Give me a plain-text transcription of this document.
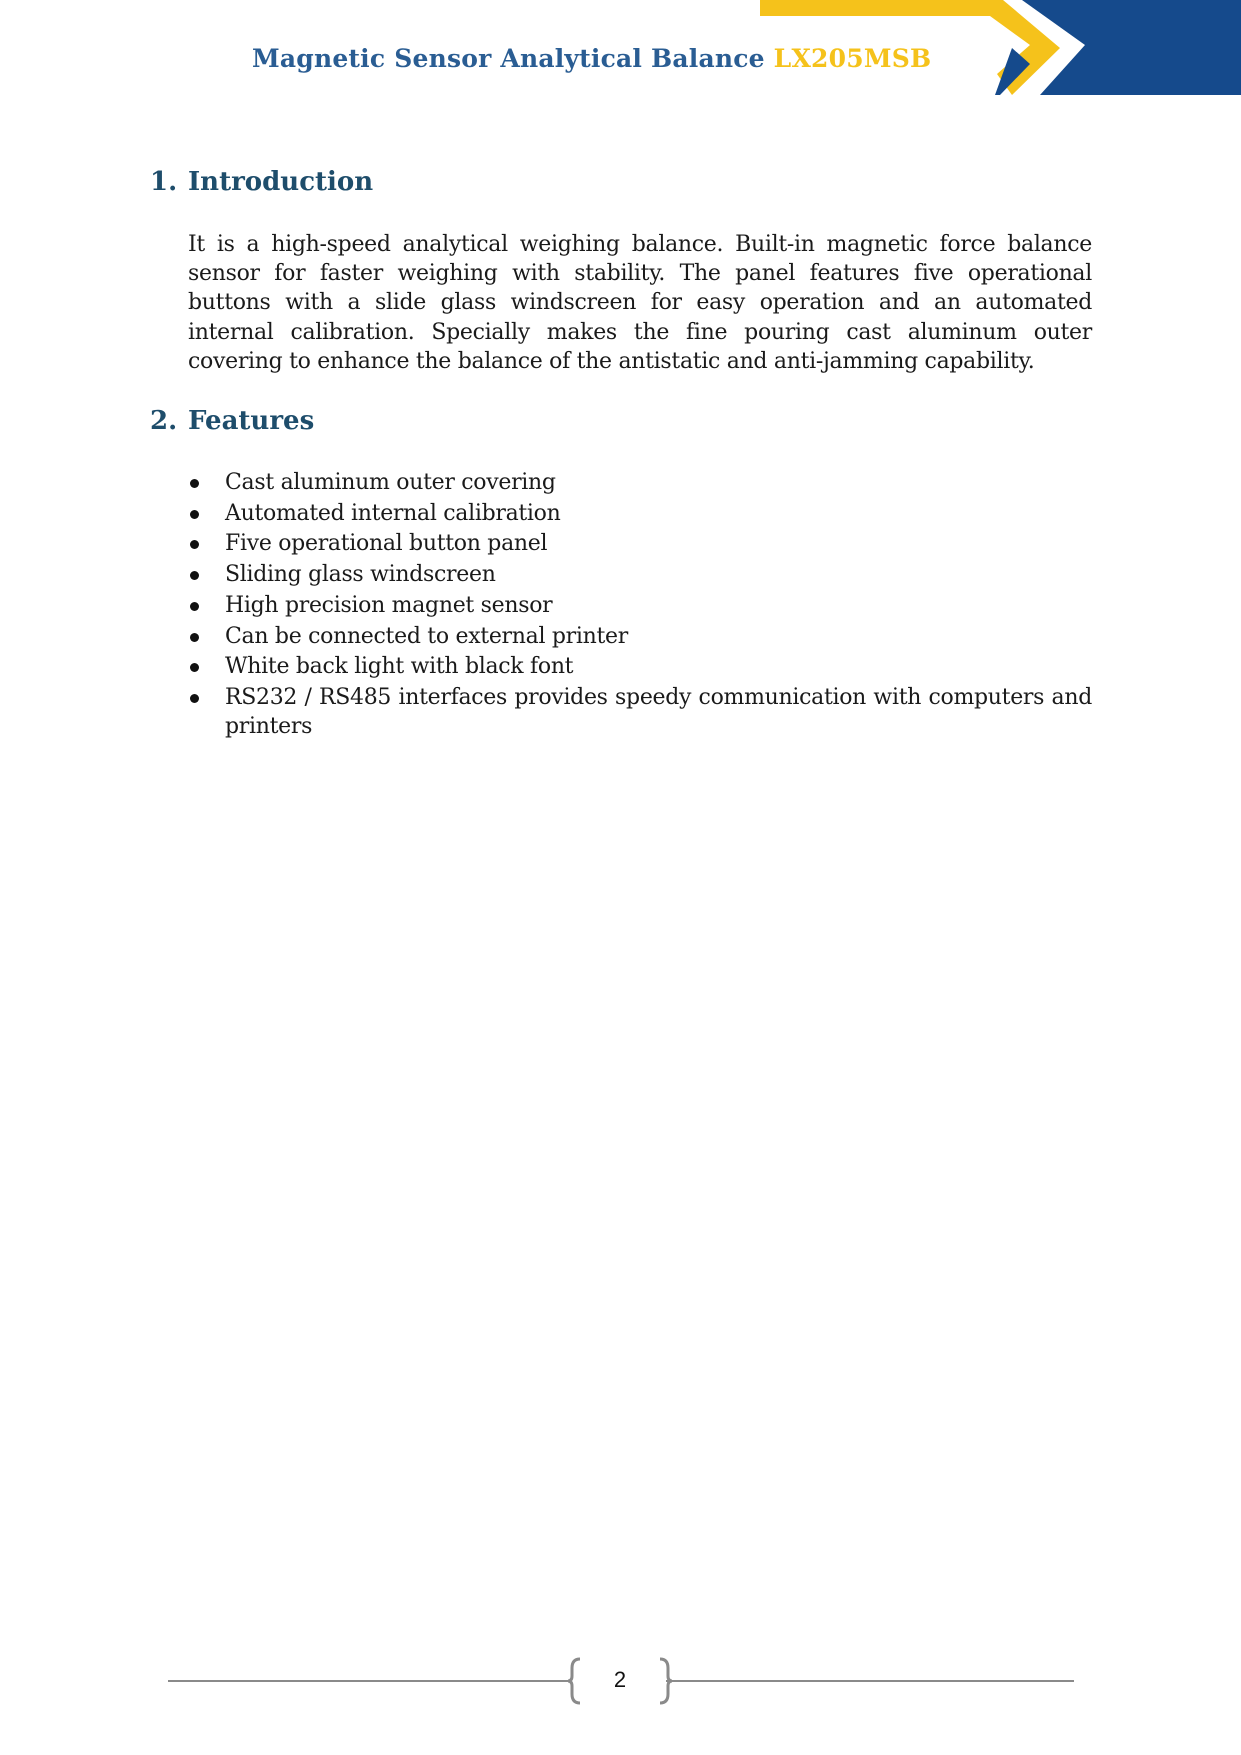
Magnetic Sensor Analytical Balance LX205MSB
1. Introduction

It is a high-speed analytical weighing balance. Built-in magnetic force balance sensor for faster weighing with stability. The panel features five operational buttons with a slide glass windscreen for easy operation and an automated internal calibration. Specially makes the fine pouring cast aluminum outer covering to enhance the balance of the antistatic and anti-jamming capability.

2. Features
Cast aluminum outer covering
Automated internal calibration
Five operational button panel
Sliding glass windscreen
High precision magnet sensor
Can be connected to external printer
White back light with black font
RS232 / RS485 interfaces provides speedy communication with computers and printers
2
